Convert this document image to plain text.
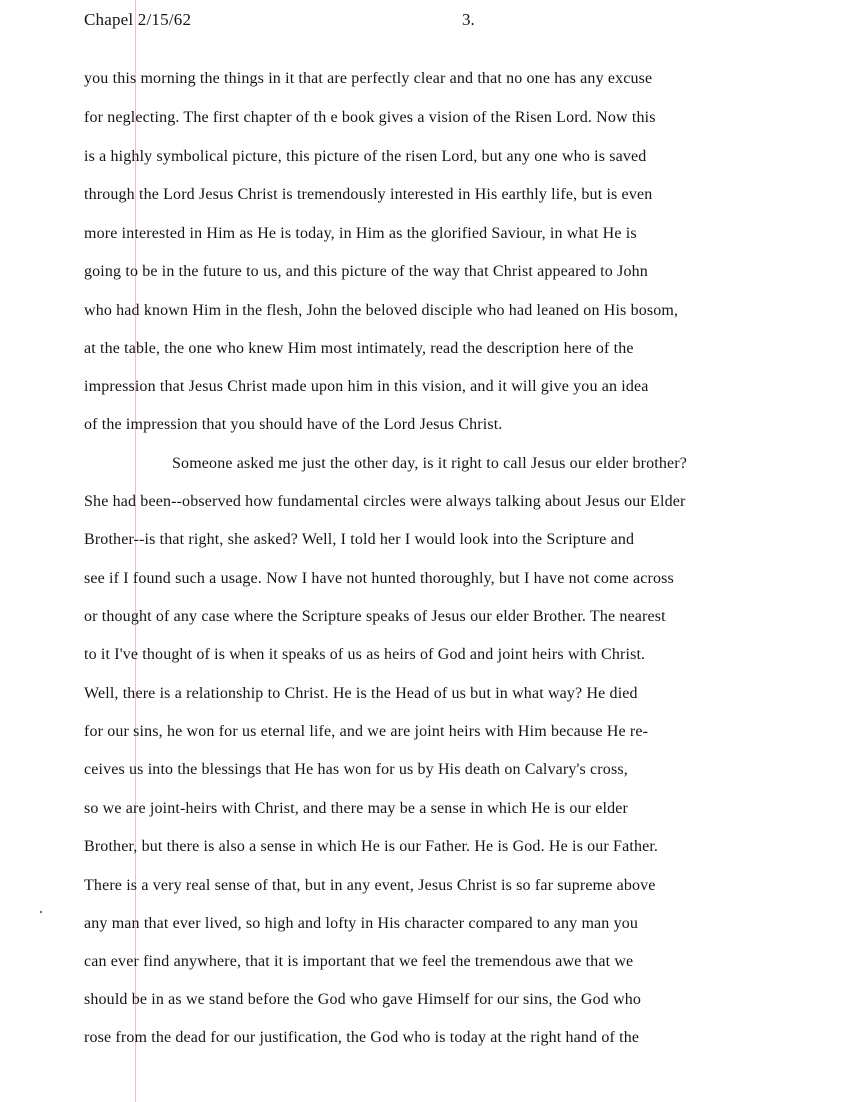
Chapel 2/15/62	3.
you this morning the things in it that are perfectly clear and that no one has any excuse
for neglecting. The first chapter of th e book gives a vision of the Risen Lord. Now this
is a highly symbolical picture, this picture of the risen Lord, but any one who is saved
through the Lord Jesus Christ is tremendously interested in His earthly life, but is even
more interested in Him as He is today, in Him as the glorified Saviour, in what He is
going to be in the future to us, and this picture of the way that Christ appeared to John
who had known Him in the flesh, John the beloved disciple who had leaned on His bosom,
at the table, the one who knew Him most intimately, read the description here of the
impression that Jesus Christ made upon him in this vision, and it will give you an idea
of the impression that you should have of the Lord Jesus Christ.
Someone asked me just the other day, is it right to call Jesus our elder brother?
She had been--observed how fundamental circles were always talking about Jesus our Elder
Brother--is that right, she asked? Well, I told her I would look into the Scripture and
see if I found such a usage. Now I have not hunted thoroughly, but I have not come across
or thought of any case where the Scripture speaks of Jesus our elder Brother. The nearest
to it I've thought of is when it speaks of us as heirs of God and joint heirs with Christ.
Well, there is a relationship to Christ. He is the Head of us but in what way? He died
for our sins, he won for us eternal life, and we are joint heirs with Him because He re-
ceives us into the blessings that He has won for us by His death on Calvary's cross,
so we are joint-heirs with Christ, and there may be a sense in which He is our elder
Brother, but there is also a sense in which He is our Father. He is God. He is our Father.
There is a very real sense of that, but in any event, Jesus Christ is so far supreme above
any man that ever lived, so high and lofty in His character compared to any man you
can ever find anywhere, that it is important that we feel the tremendous awe that we
should be in as we stand before the God who gave Himself for our sins, the God who
rose from the dead for our justification, the God who is today at the right hand of the
